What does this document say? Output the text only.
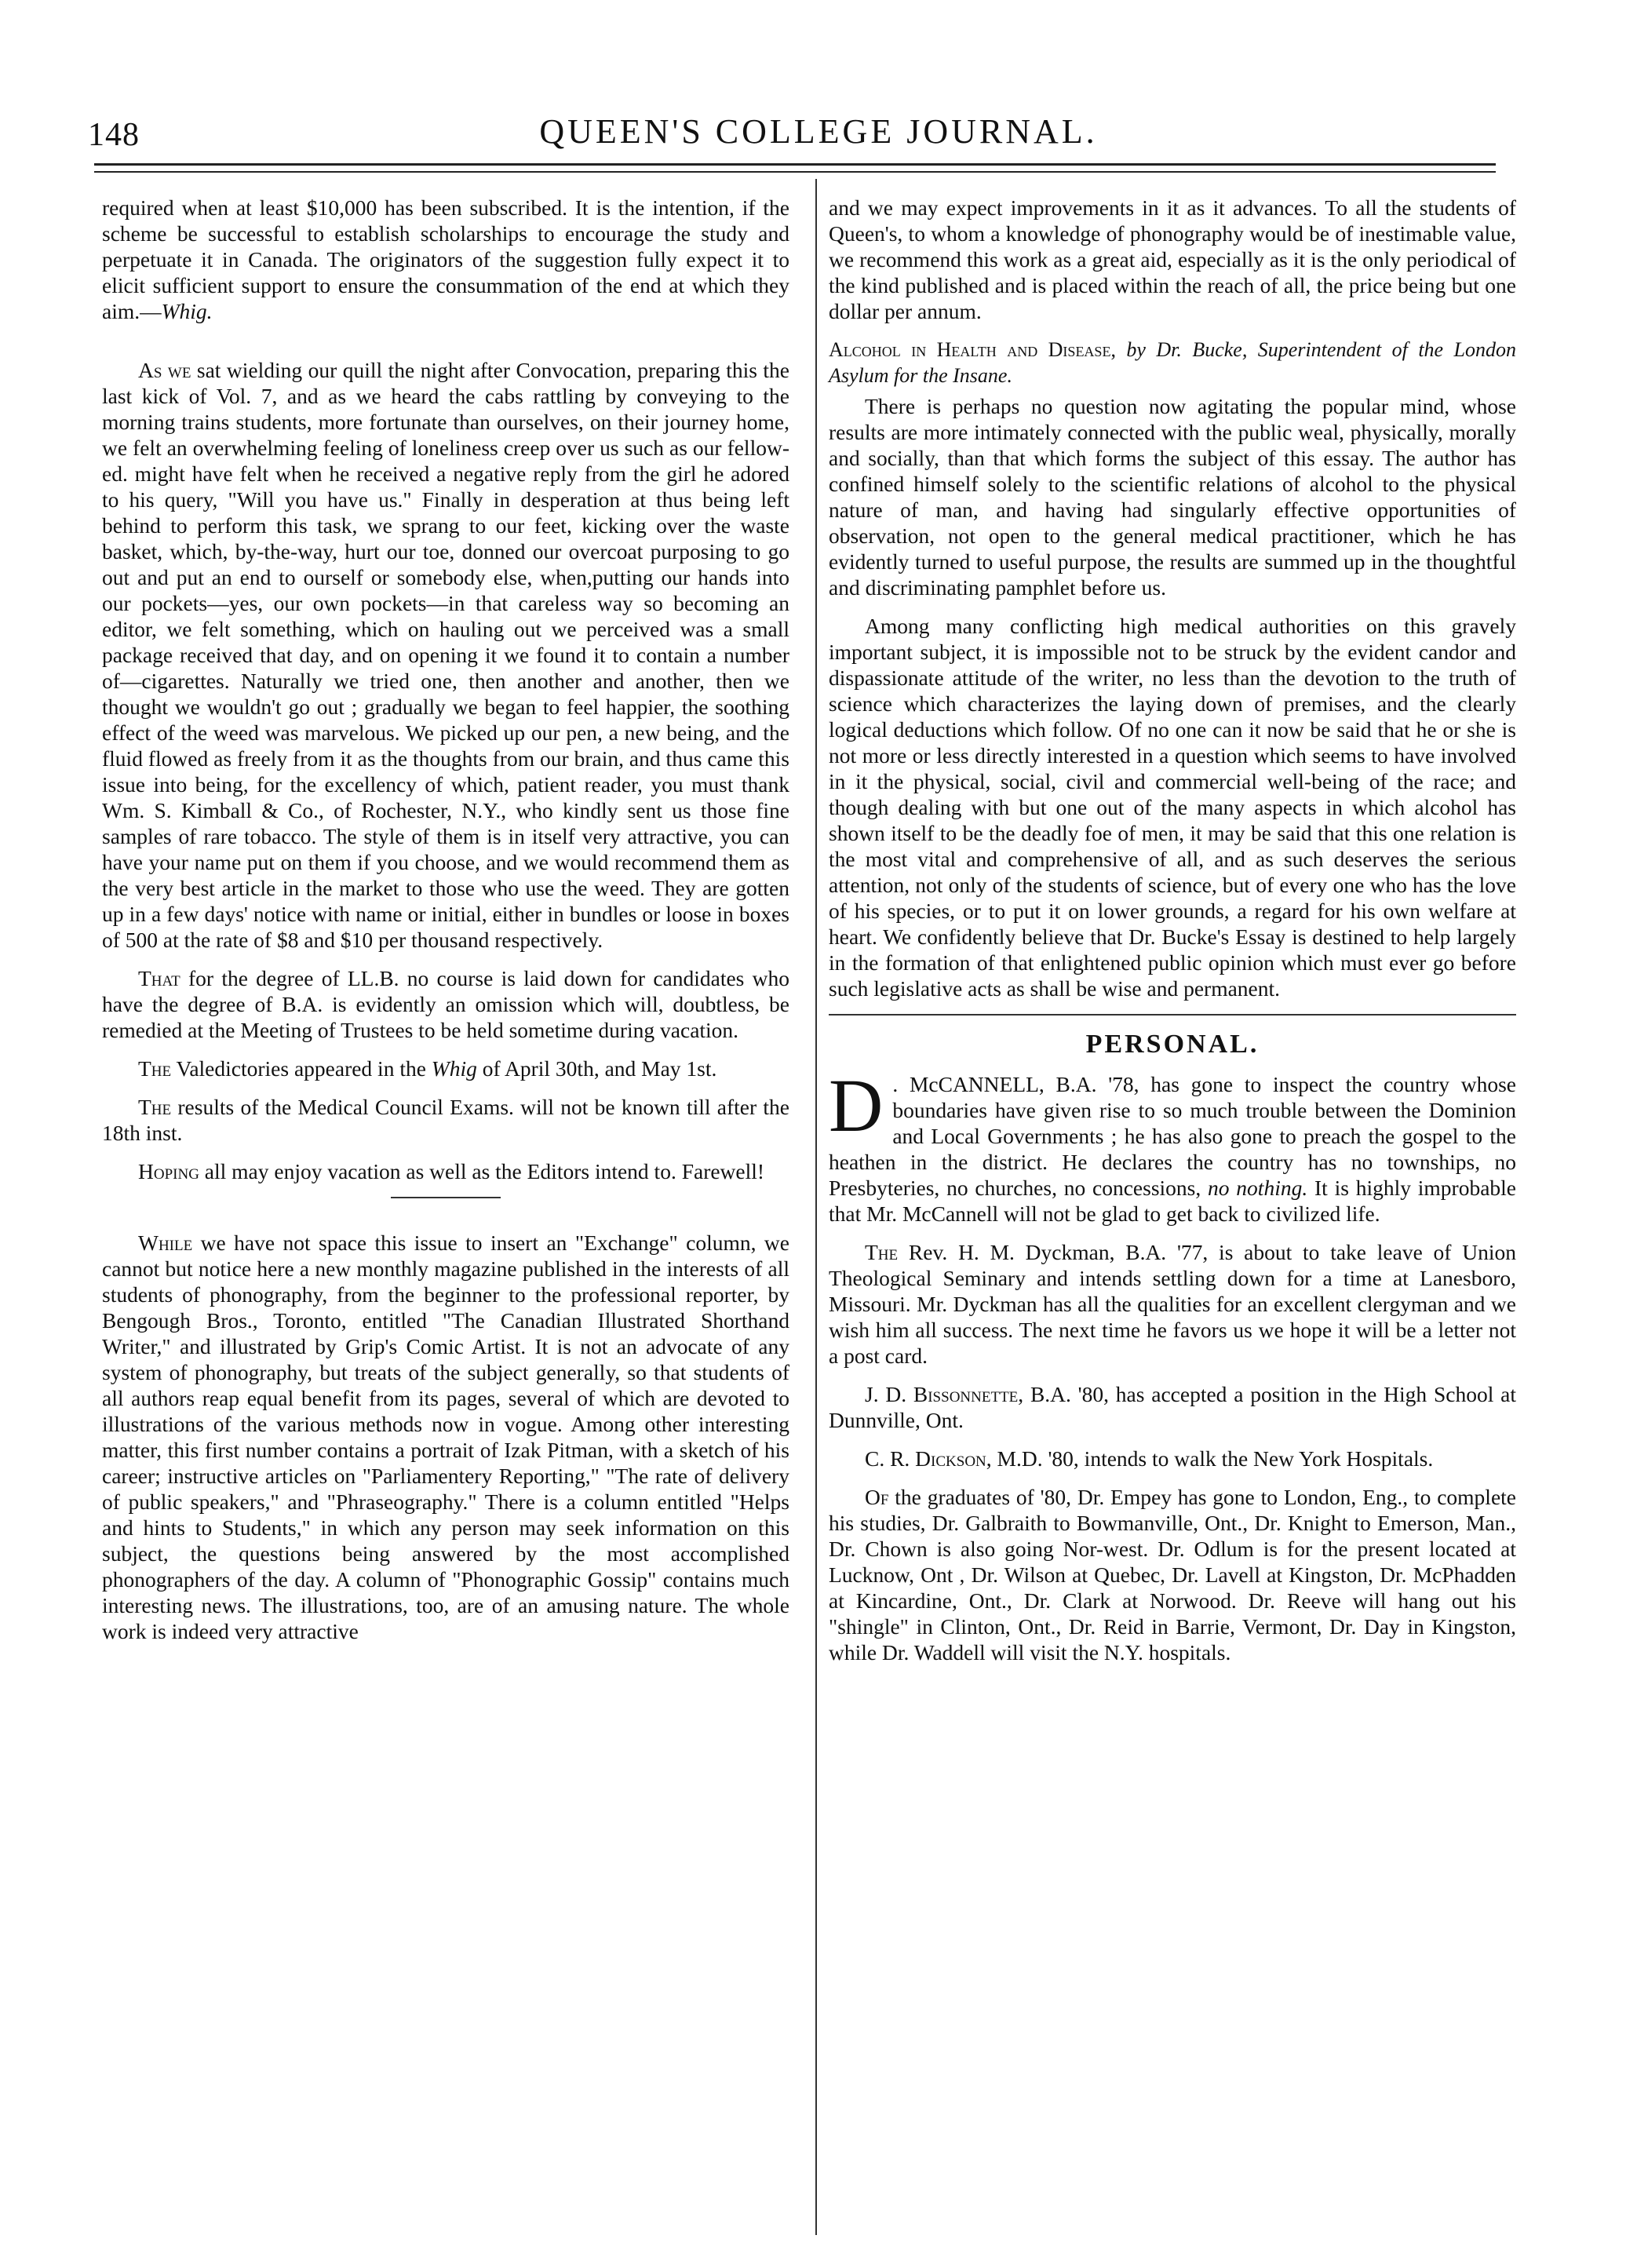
148	QUEEN'S COLLEGE JOURNAL.

required when at least $10,000 has been subscribed. It is the intention, if the scheme be successful to establish scholarships to encourage the study and perpetuate it in Canada. The originators of the suggestion fully expect it to elicit sufficient support to ensure the consummation of the end at which they aim.—Whig.

As we sat wielding our quill the night after Convocation, preparing this the last kick of Vol. 7, and as we heard the cabs rattling by conveying to the morning trains students, more fortunate than ourselves, on their journey home, we felt an overwhelming feeling of loneliness creep over us such as our fellow-ed. might have felt when he received a negative reply from the girl he adored to his query, "Will you have us." Finally in desperation at thus being left behind to perform this task, we sprang to our feet, kicking over the waste basket, which, by-the-way, hurt our toe, donned our overcoat purposing to go out and put an end to ourself or somebody else, when,putting our hands into our pockets—yes, our own pockets—in that careless way so becoming an editor, we felt something, which on hauling out we perceived was a small package received that day, and on opening it we found it to contain a number of—cigarettes. Naturally we tried one, then another and another, then we thought we wouldn't go out ; gradually we began to feel happier, the soothing effect of the weed was marvelous. We picked up our pen, a new being, and the fluid flowed as freely from it as the thoughts from our brain, and thus came this issue into being, for the excellency of which, patient reader, you must thank Wm. S. Kimball & Co., of Rochester, N.Y., who kindly sent us those fine samples of rare tobacco. The style of them is in itself very attractive, you can have your name put on them if you choose, and we would recommend them as the very best article in the market to those who use the weed. They are gotten up in a few days' notice with name or initial, either in bundles or loose in boxes of 500 at the rate of $8 and $10 per thousand respectively.

That for the degree of LL.B. no course is laid down for candidates who have the degree of B.A. is evidently an omission which will, doubtless, be remedied at the Meeting of Trustees to be held sometime during vacation.

The Valedictories appeared in the Whig of April 30th, and May 1st.

The results of the Medical Council Exams. will not be known till after the 18th inst.

Hoping all may enjoy vacation as well as the Editors intend to. Farewell!

While we have not space this issue to insert an "Exchange" column, we cannot but notice here a new monthly magazine published in the interests of all students of phonography, from the beginner to the professional reporter, by Bengough Bros., Toronto, entitled "The Canadian Illustrated Shorthand Writer," and illustrated by Grip's Comic Artist. It is not an advocate of any system of phonography, but treats of the subject generally, so that students of all authors reap equal benefit from its pages, several of which are devoted to illustrations of the various methods now in vogue. Among other interesting matter, this first number contains a portrait of Izak Pitman, with a sketch of his career; instructive articles on "Parliamentery Reporting," "The rate of delivery of public speakers," and "Phraseography." There is a column entitled "Helps and hints to Students," in which any person may seek information on this subject, the questions being answered by the most accomplished phonographers of the day. A column of "Phonographic Gossip" contains much interesting news. The illustrations, too, are of an amusing nature. The whole work is indeed very attractive

and we may expect improvements in it as it advances. To all the students of Queen's, to whom a knowledge of phonography would be of inestimable value, we recommend this work as a great aid, especially as it is the only periodical of the kind published and is placed within the reach of all, the price being but one dollar per annum.

Alcohol in Health and Disease, by Dr. Bucke, Superintendent of the London Asylum for the Insane.

There is perhaps no question now agitating the popular mind, whose results are more intimately connected with the public weal, physically, morally and socially, than that which forms the subject of this essay. The author has confined himself solely to the scientific relations of alcohol to the physical nature of man, and having had singularly effective opportunities of observation, not open to the general medical practitioner, which he has evidently turned to useful purpose, the results are summed up in the thoughtful and discriminating pamphlet before us.

Among many conflicting high medical authorities on this gravely important subject, it is impossible not to be struck by the evident candor and dispassionate attitude of the writer, no less than the devotion to the truth of science which characterizes the laying down of premises, and the clearly logical deductions which follow. Of no one can it now be said that he or she is not more or less directly interested in a question which seems to have involved in it the physical, social, civil and commercial well-being of the race; and though dealing with but one out of the many aspects in which alcohol has shown itself to be the deadly foe of men, it may be said that this one relation is the most vital and comprehensive of all, and as such deserves the serious attention, not only of the students of science, but of every one who has the love of his species, or to put it on lower grounds, a regard for his own welfare at heart. We confidently believe that Dr. Bucke's Essay is destined to help largely in the formation of that enlightened public opinion which must ever go before such legislative acts as shall be wise and permanent.

PERSONAL.

D . McCANNELL, B.A. '78, has gone to inspect the country whose boundaries have given rise to so much trouble between the Dominion and Local Governments ; he has also gone to preach the gospel to the heathen in the district. He declares the country has no townships, no Presbyteries, no churches, no concessions, no nothing. It is highly improbable that Mr. McCannell will not be glad to get back to civilized life.

The Rev. H. M. Dyckman, B.A. '77, is about to take leave of Union Theological Seminary and intends settling down for a time at Lanesboro, Missouri. Mr. Dyckman has all the qualities for an excellent clergyman and we wish him all success. The next time he favors us we hope it will be a letter not a post card.

J. D. Bissonnette, B.A. '80, has accepted a position in the High School at Dunnville, Ont.

C. R. Dickson, M.D. '80, intends to walk the New York Hospitals.

Of the graduates of '80, Dr. Empey has gone to London, Eng., to complete his studies, Dr. Galbraith to Bowmanville, Ont., Dr. Knight to Emerson, Man., Dr. Chown is also going Nor-west. Dr. Odlum is for the present located at Lucknow, Ont , Dr. Wilson at Quebec, Dr. Lavell at Kingston, Dr. McPhadden at Kincardine, Ont., Dr. Clark at Norwood. Dr. Reeve will hang out his "shingle" in Clinton, Ont., Dr. Reid in Barrie, Vermont, Dr. Day in Kingston, while Dr. Waddell will visit the N.Y. hospitals.
